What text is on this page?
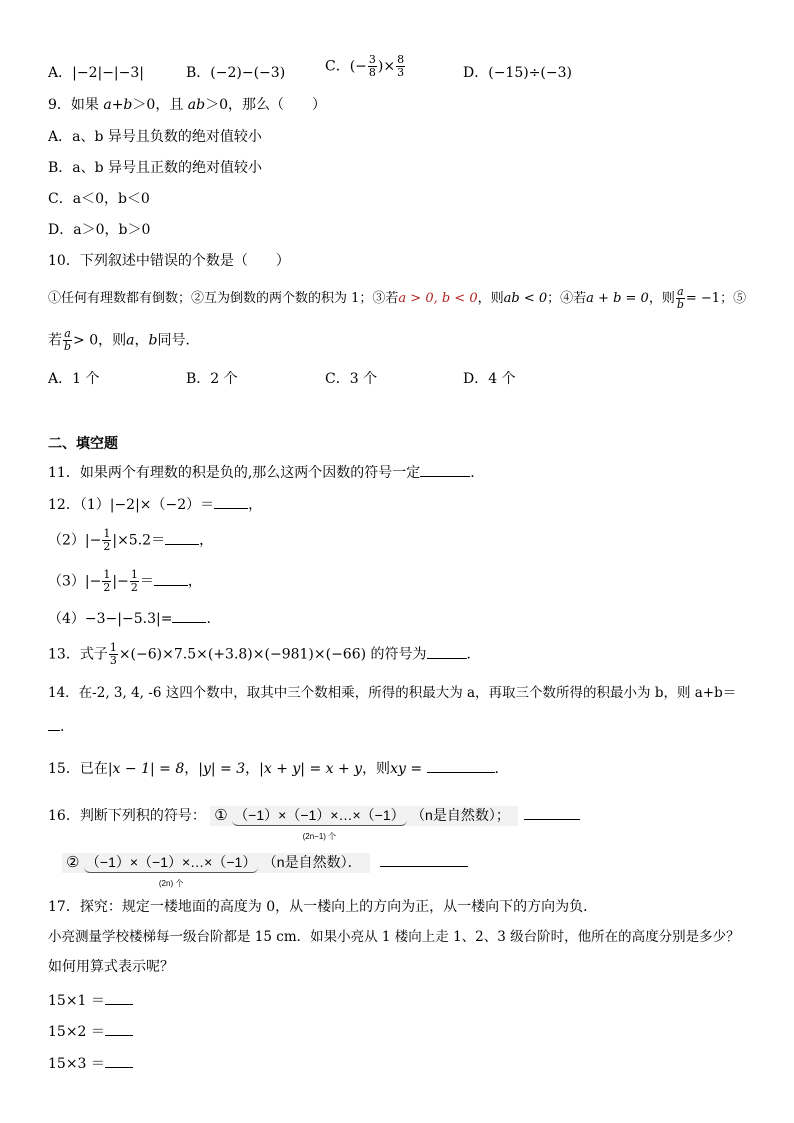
A．|−2|−|−3|	B．(−2)−(−3)	C．(− $\frac{3}{8}$ )× $\frac{8}{3}$	D．(−15)÷(−3)
9．如果 a+b＞0，且 ab＞0，那么（　　）
A．a、b 异号且负数的绝对值较小
B．a、b 异号且正数的绝对值较小
C．a＜0，b＜0
D．a＞0，b＞0
10．下列叙述中错误的个数是（　　）
①任何有理数都有倒数；②互为倒数的两个数的积为 1；③若a > 0, b < 0，则ab < 0；④若a + b = 0，则 $\frac{a}{b} = -1$；⑤
若 $\frac{a}{b} > 0$，则a，b同号．
A．1 个	B．2 个	C．3 个	D．4 个
二、填空题
11．如果两个有理数的积是负的,那么这两个因数的符号一定	.
12．（1）|−2|×（−2）＝ ，
$(2)|- \frac{1}{2} |\times 5.2=$ ，
$(3)|- \frac{1}{2}$ |− $\frac{1}{2}$ ＝ ，
（4）−3−|−5.3|= .
13．式子 $\frac{1}{3} \times(-6)\times 7.5\times(+3.8)\times(-981)\times(-66)$ 的符号为	.
14．在-2, 3, 4, -6 这四个数中，取其中三个数相乘，所得的积最大为 a，再取三个数所得的积最小为 b，则 a+b＝
.
15．已在|x − 1| = 8，|y| = 3，|x + y| = x + y，则xy =	.
16．判断下列积的符号： ① （−1）×（−1）×…×（−1）
(2n−1) 个
（n是自然数）；
② （−1）×（−1）×…×（−1）
(2n) 个
（n是自然数）．
17．探究：规定一楼地面的高度为 0，从一楼向上的方向为正，从一楼向下的方向为负．
小亮测量学校楼梯每一级台阶都是 15 cm．如果小亮从 1 楼向上走 1、2、3 级台阶时，他所在的高度分别是多少？
如何用算式表示呢？
15×1 ＝
15×2 ＝
15×3 ＝
